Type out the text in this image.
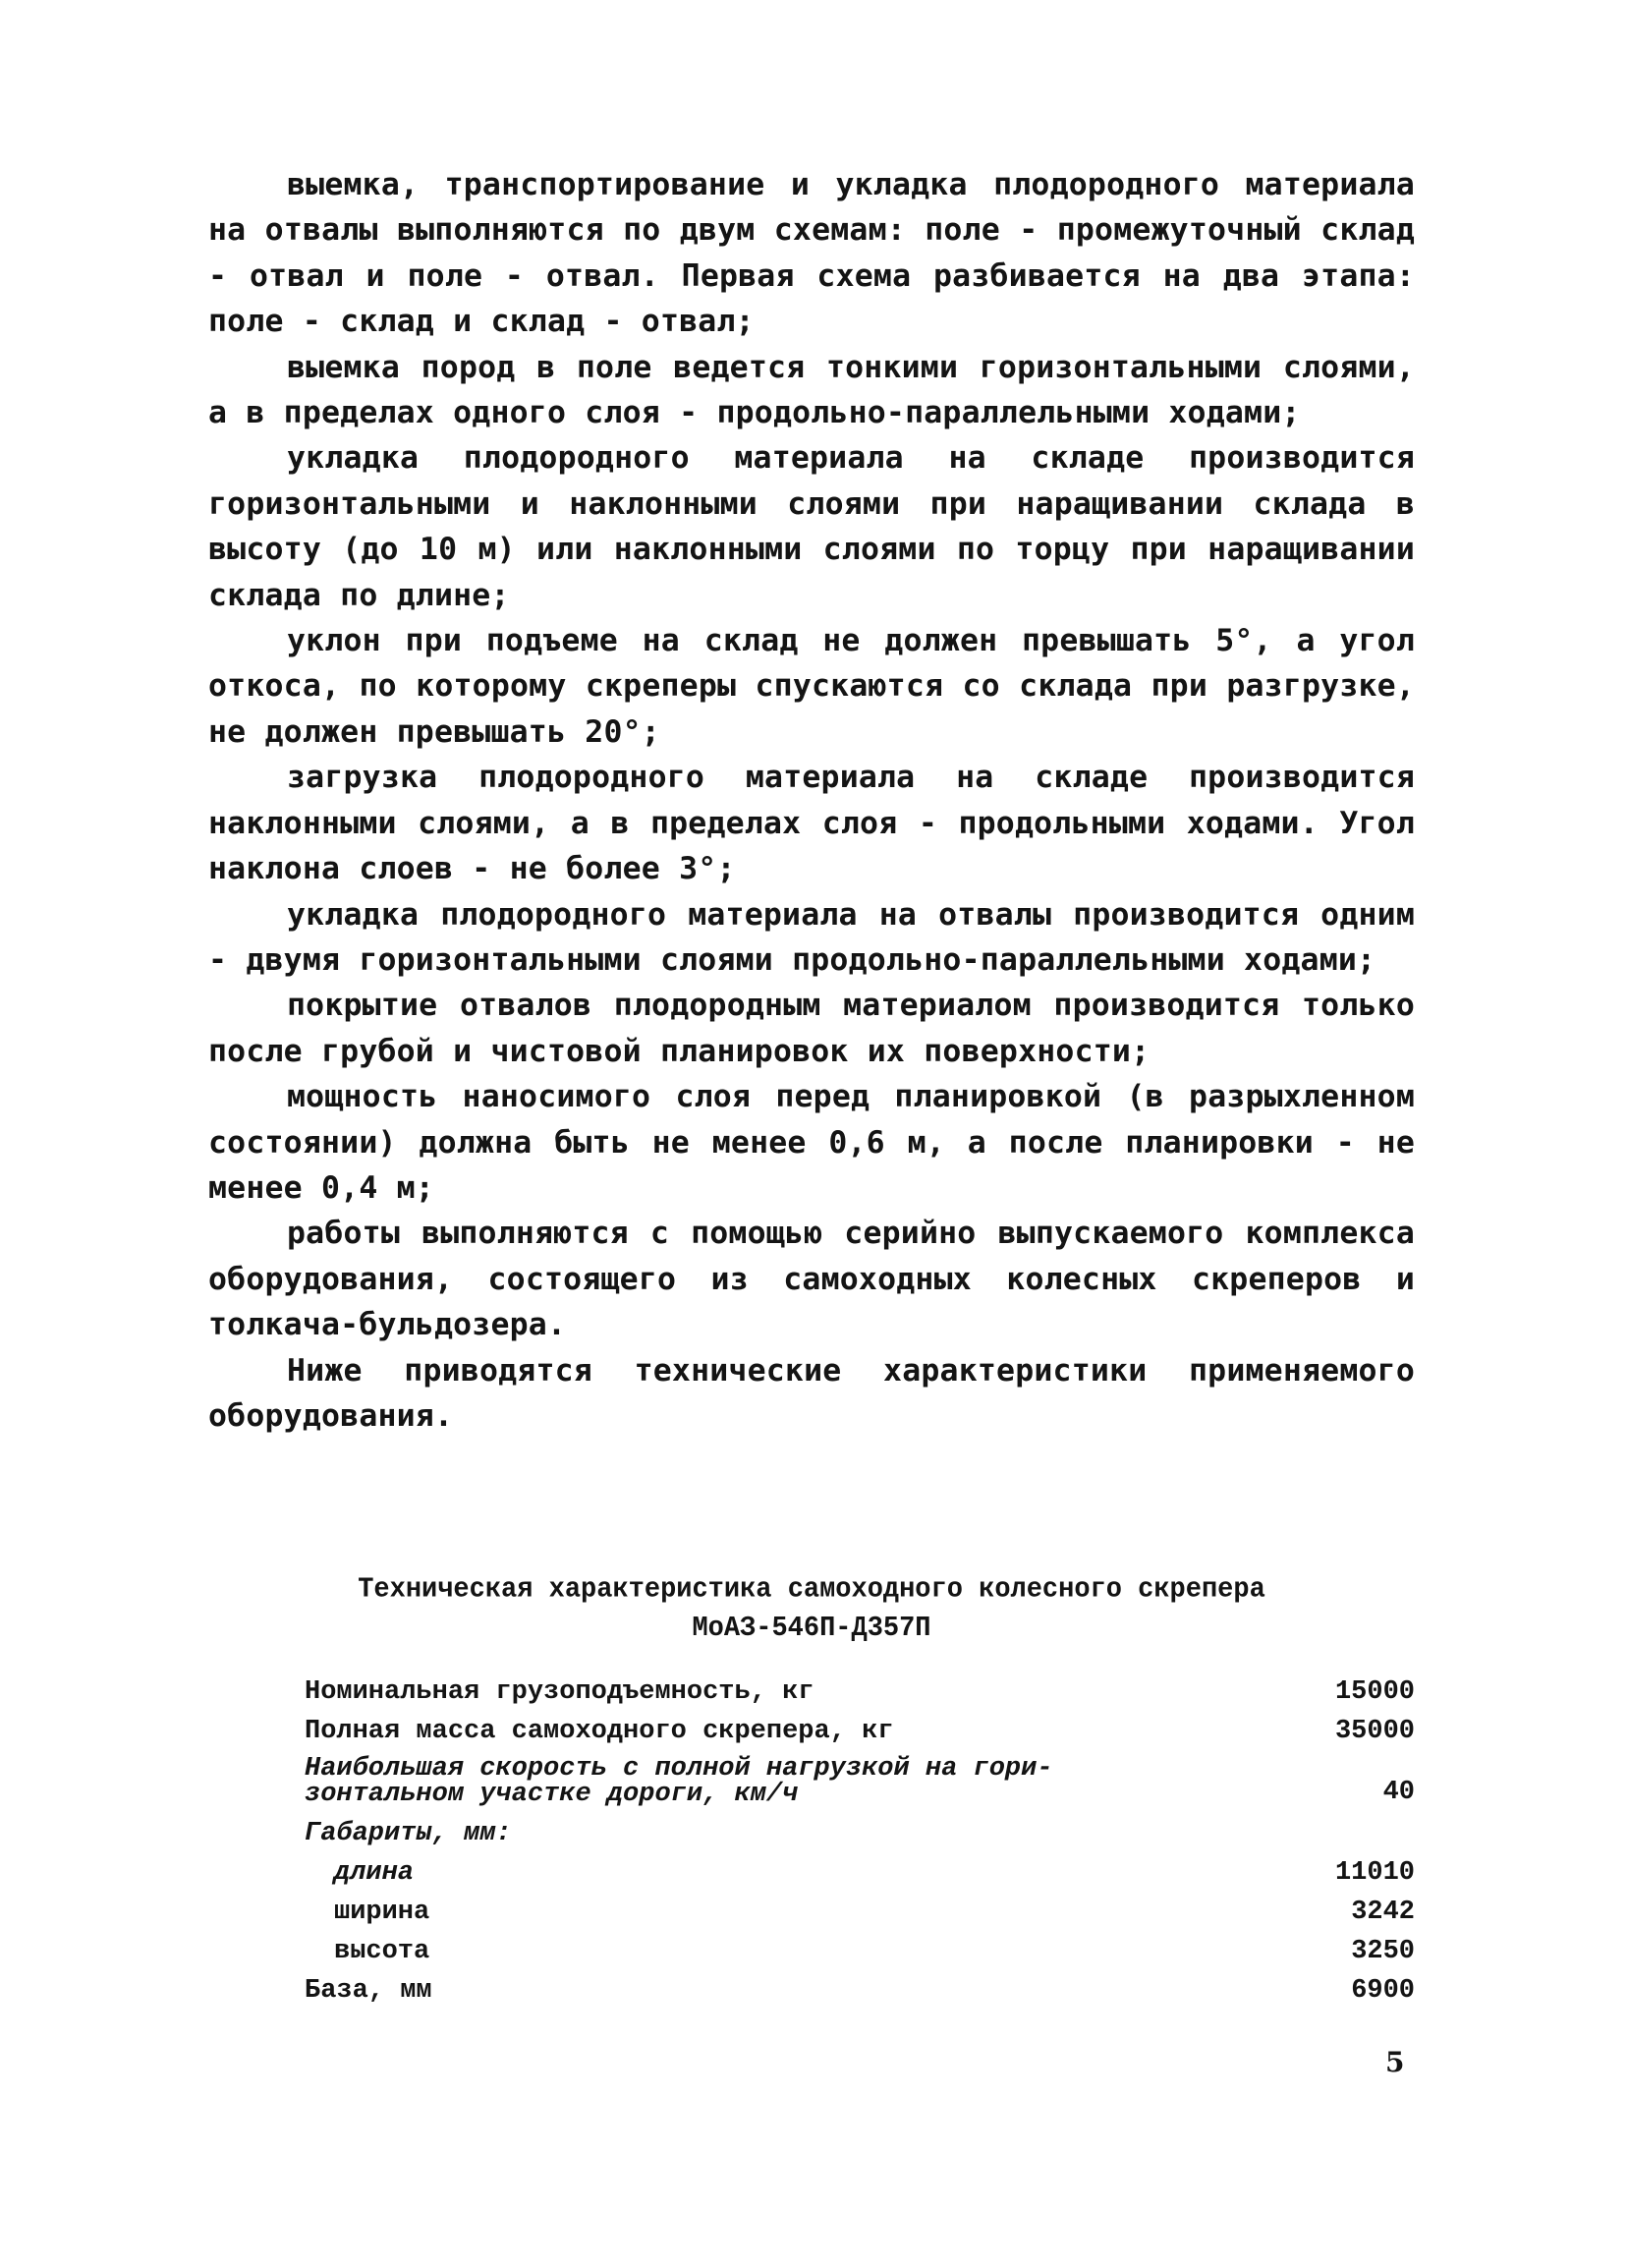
выемка, транспортирование и укладка плодородного материала на отвалы выполняются по двум схемам: поле - промежуточный склад - отвал и поле - отвал. Первая схема разбивается на два этапа: поле - склад и склад - отвал;

выемка пород в поле ведется тонкими горизонтальными слоями, а в пределах одного слоя - продольно-параллельными ходами;

укладка плодородного материала на складе производится горизонтальными и наклонными слоями при наращивании склада в высоту (до 10 м) или наклонными слоями по торцу при наращивании склада по длине;

уклон при подъеме на склад не должен превышать 5°, а угол откоса, по которому скреперы спускаются со склада при разгрузке, не должен превышать 20°;

загрузка плодородного материала на складе производится наклонными слоями, а в пределах слоя - продольными ходами. Угол наклона слоев - не более 3°;

укладка плодородного материала на отвалы производится одним - двумя горизонтальными слоями продольно-параллельными ходами;

покрытие отвалов плодородным материалом производится только после грубой и чистовой планировок их поверхности;

мощность наносимого слоя перед планировкой (в разрыхленном состоянии) должна быть не менее 0,6 м, а после планировки - не менее 0,4 м;

работы выполняются с помощью серийно выпускаемого комплекса оборудования, состоящего из самоходных колесных скреперов и толкача-бульдозера.

Ниже приводятся технические характеристики применяемого оборудования.

Техническая характеристика самоходного колесного скрепера
МоАЗ-546П-Д357П
Номинальная грузоподъемность, кг	15000
Полная масса самоходного скрепера, кг	35000
Наибольшая скорость с полной нагрузкой на гори-
зонтальном участке дороги, км/ч	40
Габариты, мм:
длина	11010
ширина	3242
высота	3250
База, мм	6900
5
